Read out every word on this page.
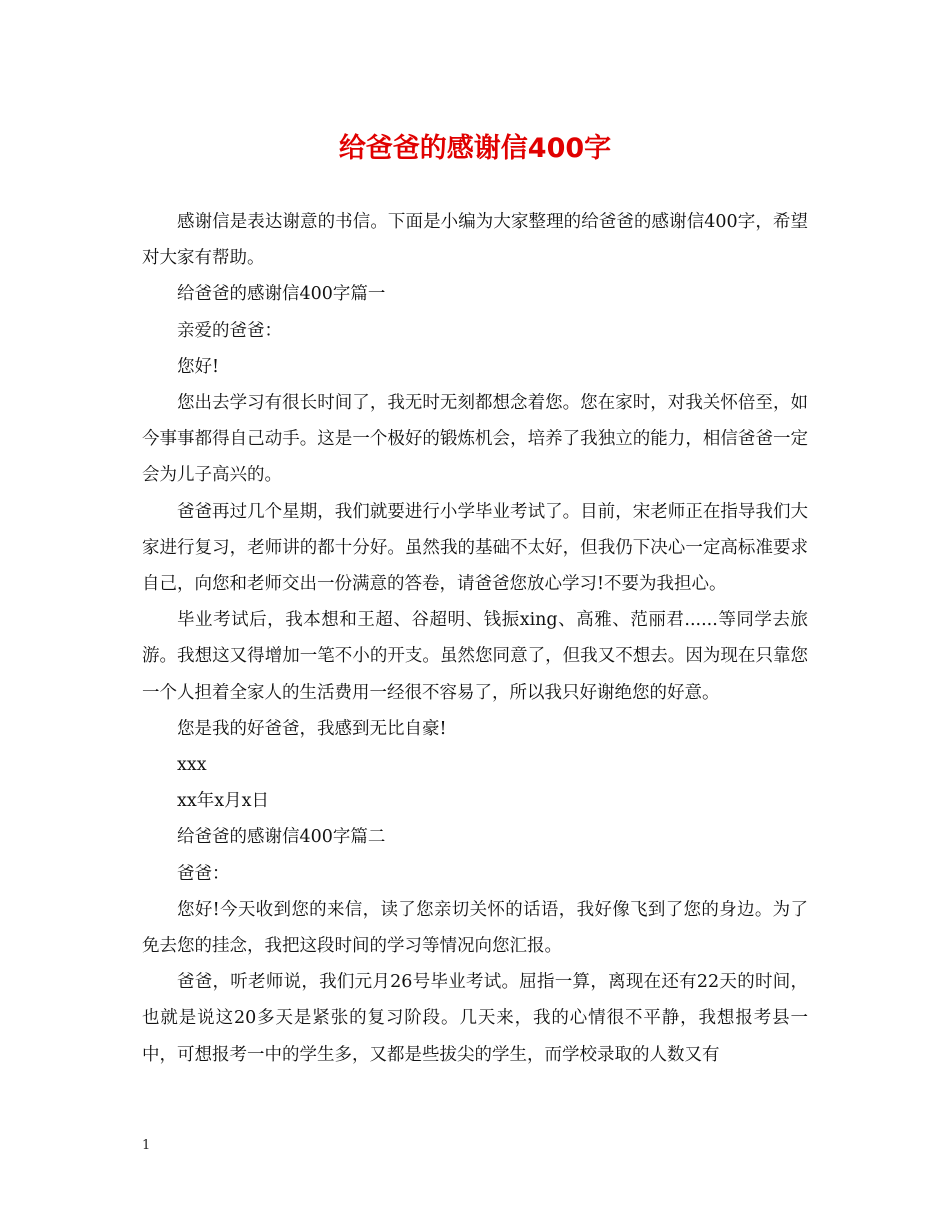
给爸爸的感谢信400字

感谢信是表达谢意的书信。下面是小编为大家整理的给爸爸的感谢信400字，希望对大家有帮助。

给爸爸的感谢信400字篇一

亲爱的爸爸：

您好!

您出去学习有很长时间了，我无时无刻都想念着您。您在家时，对我关怀倍至，如今事事都得自己动手。这是一个极好的锻炼机会，培养了我独立的能力，相信爸爸一定会为儿子高兴的。

爸爸再过几个星期，我们就要进行小学毕业考试了。目前，宋老师正在指导我们大家进行复习，老师讲的都十分好。虽然我的基础不太好，但我仍下决心一定高标准要求自己，向您和老师交出一份满意的答卷，请爸爸您放心学习!不要为我担心。

毕业考试后，我本想和王超、谷超明、钱振xing、高雅、范丽君......等同学去旅游。我想这又得增加一笔不小的开支。虽然您同意了，但我又不想去。因为现在只靠您一个人担着全家人的生活费用一经很不容易了，所以我只好谢绝您的好意。

您是我的好爸爸，我感到无比自豪!

xxx

xx年x月x日

给爸爸的感谢信400字篇二

爸爸：

您好!今天收到您的来信，读了您亲切关怀的话语，我好像飞到了您的身边。为了免去您的挂念，我把这段时间的学习等情况向您汇报。

爸爸，听老师说，我们元月26号毕业考试。屈指一算，离现在还有22天的时间，也就是说这20多天是紧张的复习阶段。几天来，我的心情很不平静，我想报考县一中，可想报考一中的学生多，又都是些拔尖的学生，而学校录取的人数又有

1
